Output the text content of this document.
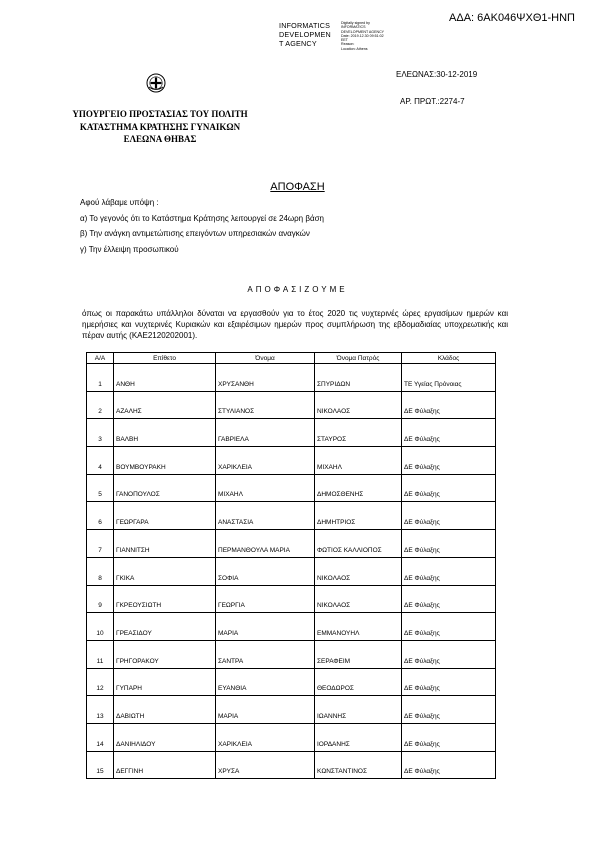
ΑΔΑ: 6ΑΚ046ΨΧΘ1-ΗΝΠ
INFORMATICS
DEVELOPMEN
T AGENCY
Digitally signed by
INFORMATICS
DEVELOPMENT AGENCY
Date: 2019.12.30 09:51:02
EET
Reason:
Location: Athens
ΕΛΕΩΝΑΣ:30-12-2019
ΑΡ. ΠΡΩΤ.:2274-7
ΥΠΟΥΡΓΕΙΟ ΠΡΟΣΤΑΣΙΑΣ ΤΟΥ ΠΟΛΙΤΗ
ΚΑΤΑΣΤΗΜΑ ΚΡΑΤΗΣΗΣ ΓΥΝΑΙΚΩΝ
ΕΛΕΩΝΑ ΘΗΒΑΣ
ΑΠΟΦΑΣΗ
Αφού λάβαμε υπόψη :
α) Το γεγονός ότι το Κατάστημα Κράτησης λειτουργεί σε 24ωρη βάση
β) Την ανάγκη αντιμετώπισης επειγόντων υπηρεσιακών αναγκών
γ) Την έλλειψη προσωπικού
ΑΠΟΦΑΣΙΖΟΥΜΕ
όπως οι παρακάτω υπάλληλοι δύναται να εργασθούν για το έτος 2020 τις νυχτερινές ώρες εργασίμων ημερών και ημερήσιες και νυχτερινές Κυριακών και εξαιρέσιμων ημερών προς συμπλήρωση της εβδομαδιαίας υποχρεωτικής και πέραν αυτής (ΚΑΕ2120202001).
Α/Α	Επίθετο	Όνομα	Όνομα Πατρός	Κλάδος
1	ΑΝΘΗ	ΧΡΥΣΑΝΘΗ	ΣΠΥΡΙΔΩΝ	ΤΕ Υγείας Πρόνοιας
2	ΑΖΑΛΗΣ	ΣΤΥΛΙΑΝΟΣ	ΝΙΚΟΛΑΟΣ	ΔΕ Φύλαξης
3	ΒΑΛΒΗ	ΓΑΒΡΙΕΛΑ	ΣΤΑΥΡΟΣ	ΔΕ Φύλαξης
4	ΒΟΥΜΒΟΥΡΑΚΗ	ΧΑΡΙΚΛΕΙΑ	ΜΙΧΑΗΛ	ΔΕ Φύλαξης
5	ΓΑΝΟΠΟΥΛΟΣ	ΜΙΧΑΗΛ	ΔΗΜΟΣΘΕΝΗΣ	ΔΕ Φύλαξης
6	ΓΕΩΡΓΑΡΑ	ΑΝΑΣΤΑΣΙΑ	ΔΗΜΗΤΡΙΟΣ	ΔΕ Φύλαξης
7	ΓΙΑΝΝΙΤΣΗ	ΠΕΡΜΑΝΘΟΥΛΑ ΜΑΡΙΑ	ΦΩΤΙΟΣ ΚΑΛΛΙΟΠΟΣ	ΔΕ Φύλαξης
8	ΓΚΙΚΑ	ΣΟΦΙΑ	ΝΙΚΟΛΑΟΣ	ΔΕ Φύλαξης
9	ΓΚΡΕΟΥΣΙΩΤΗ	ΓΕΩΡΓΙΑ	ΝΙΚΟΛΑΟΣ	ΔΕ Φύλαξης
10	ΓΡΕΑΣΙΔΟΥ	ΜΑΡΙΑ	ΕΜΜΑΝΟΥΗΛ	ΔΕ Φύλαξης
11	ΓΡΗΓΟΡΑΚΟΥ	ΣΑΝΤΡΑ	ΣΕΡΑΦΕΙΜ	ΔΕ Φύλαξης
12	ΓΥΠΑΡΗ	ΕΥΑΝΘΙΑ	ΘΕΟΔΩΡΟΣ	ΔΕ Φύλαξης
13	ΔΑΒΙΩΤΗ	ΜΑΡΙΑ	ΙΩΑΝΝΗΣ	ΔΕ Φύλαξης
14	ΔΑΝΙΗΛΙΔΟΥ	ΧΑΡΙΚΛΕΙΑ	ΙΟΡΔΑΝΗΣ	ΔΕ Φύλαξης
15	ΔΕΓΓΙΝΗ	ΧΡΥΣΑ	ΚΩΝΣΤΑΝΤΙΝΟΣ	ΔΕ Φύλαξης
